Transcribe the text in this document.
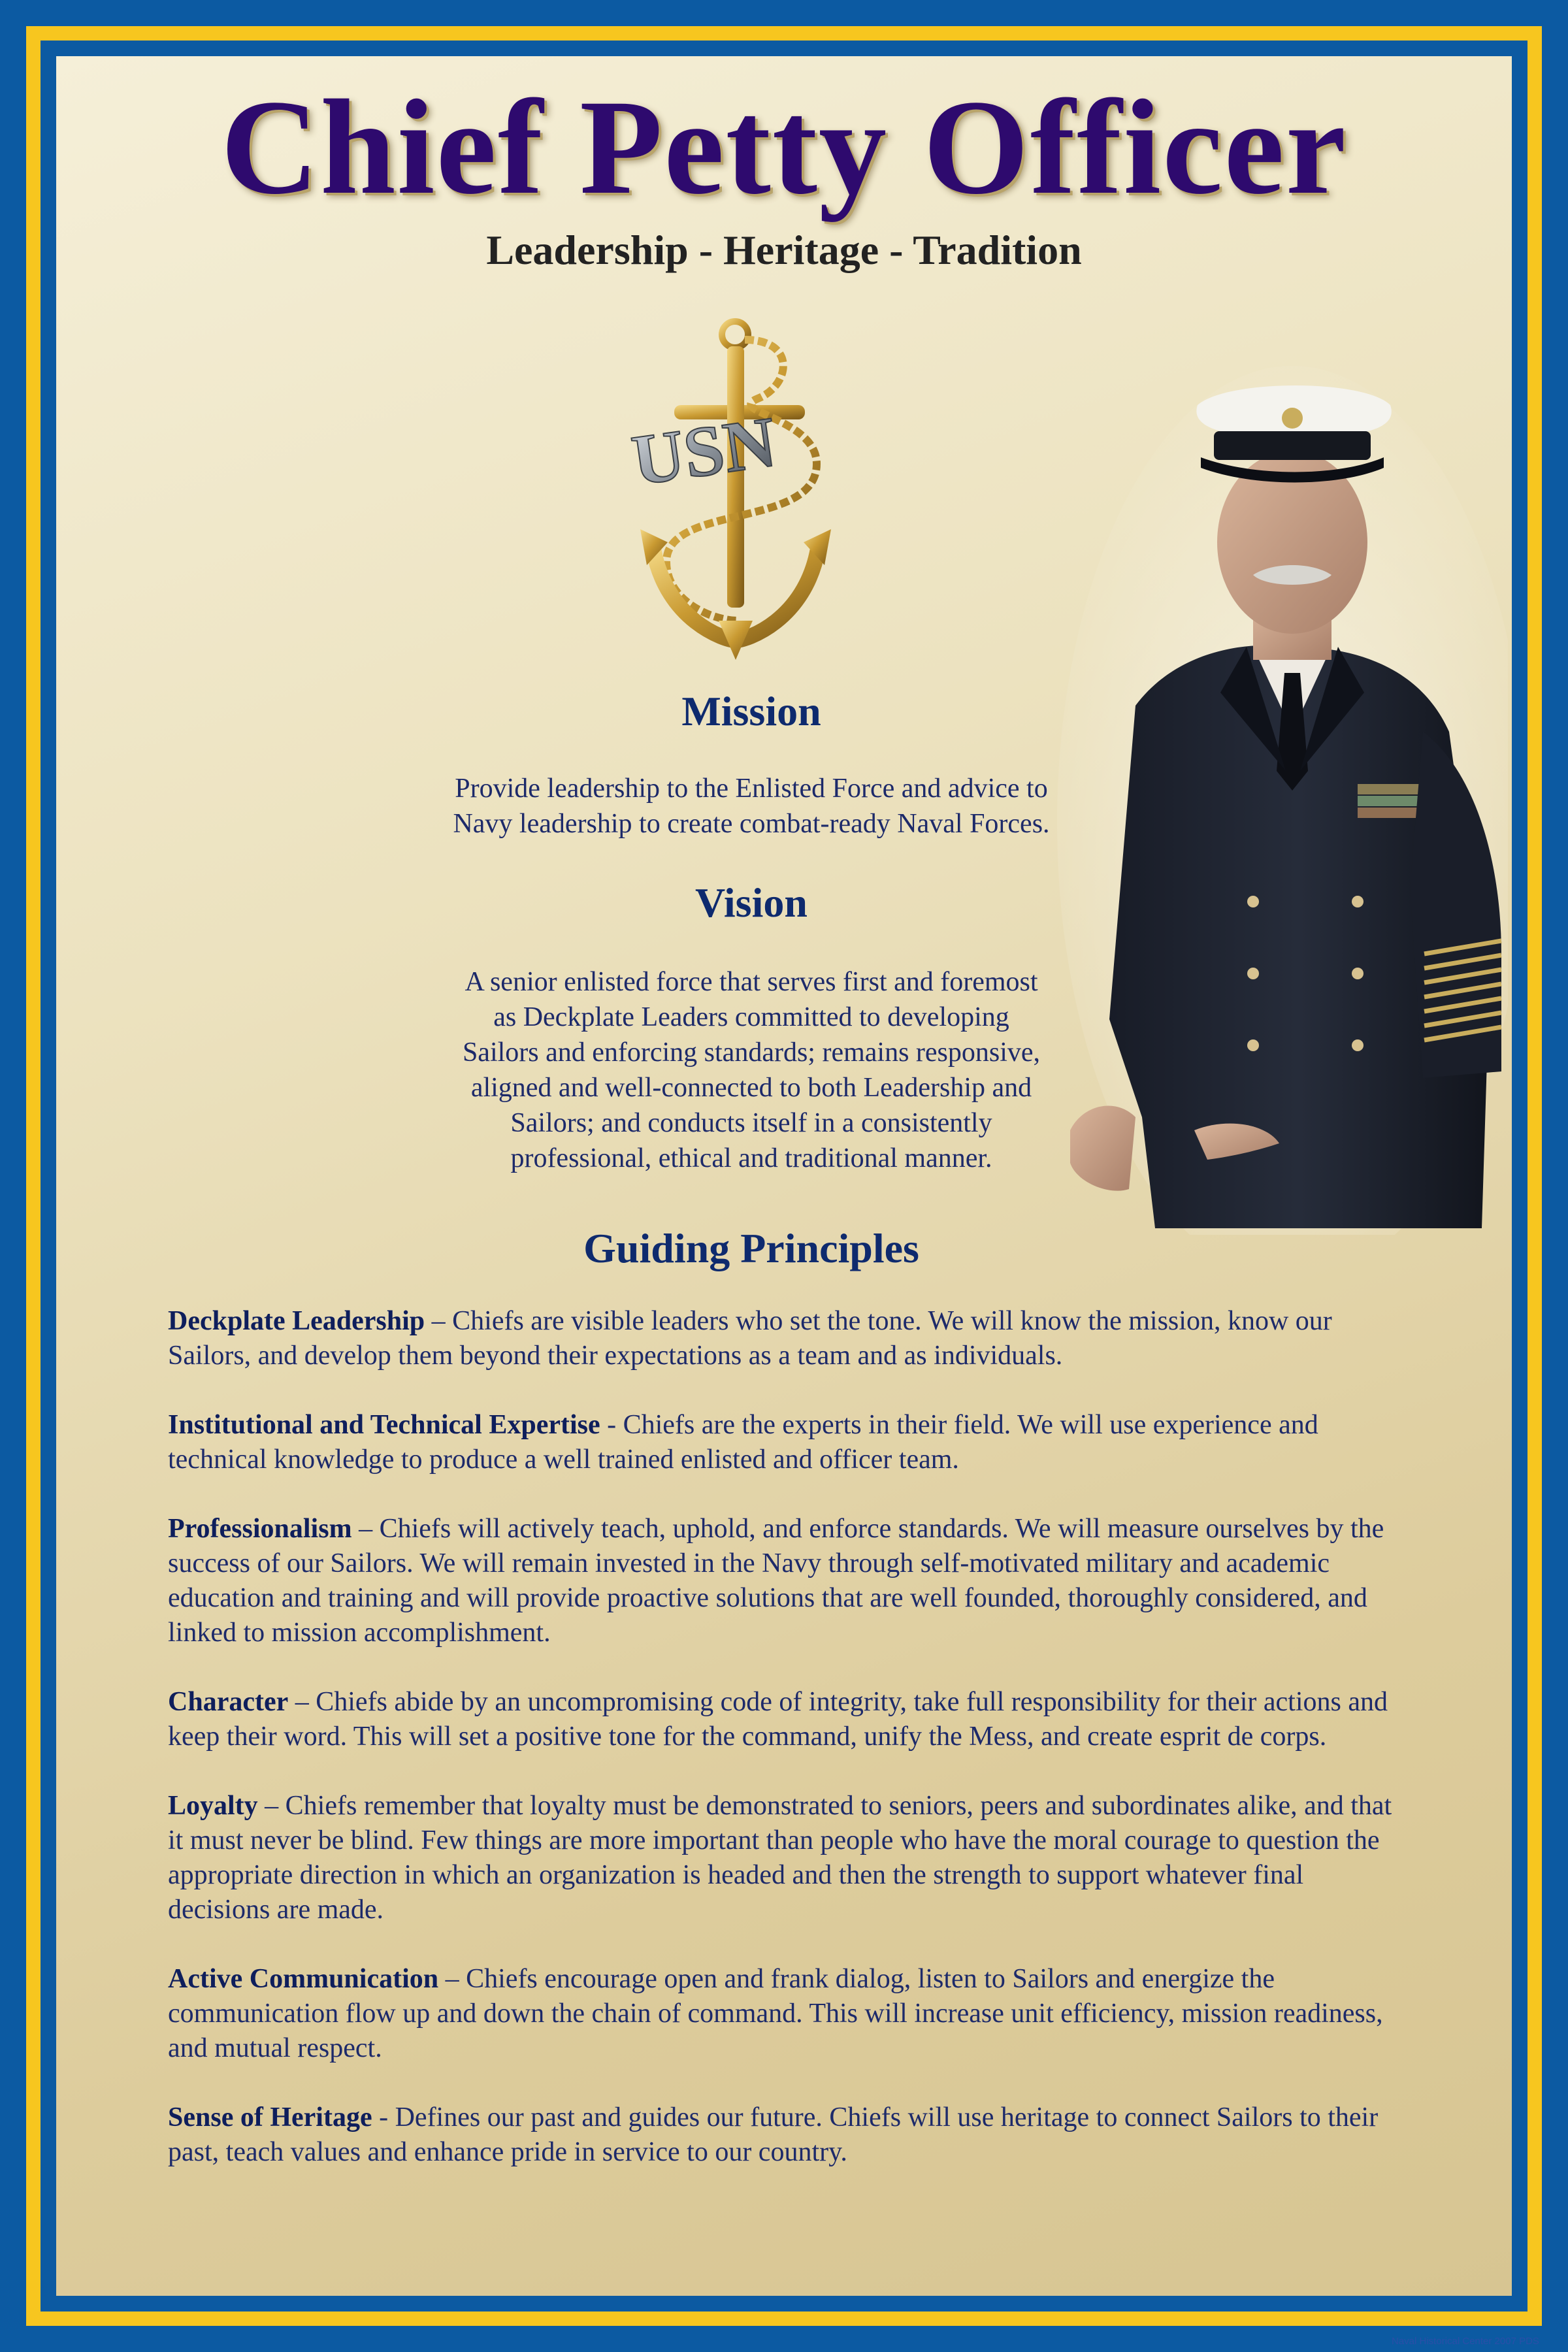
Chief Petty Officer
Leadership - Heritage - Tradition
USN
Mission
Provide leadership to the Enlisted Force and advice to
Navy leadership to create combat-ready Naval Forces.
Vision
A senior enlisted force that serves first and foremost
as Deckplate Leaders committed to developing
Sailors and enforcing standards; remains responsive,
aligned and well-connected to both Leadership and
Sailors; and conducts itself in a consistently
professional, ethical and traditional manner.
Guiding Principles

Deckplate Leadership – Chiefs are visible leaders who set the tone. We will know the mission, know our Sailors, and develop them beyond their expectations as a team and as individuals.

Institutional and Technical Expertise - Chiefs are the experts in their field. We will use experience and technical knowledge to produce a well trained enlisted and officer team.

Professionalism – Chiefs will actively teach, uphold, and enforce standards. We will measure ourselves by the success of our Sailors. We will remain invested in the Navy through self-motivated military and academic education and training and will provide proactive solutions that are well founded, thoroughly considered, and linked to mission accomplishment.

Character – Chiefs abide by an uncompromising code of integrity, take full responsibility for their actions and keep their word. This will set a positive tone for the command, unify the Mess, and create esprit de corps.

Loyalty – Chiefs remember that loyalty must be demonstrated to seniors, peers and subordinates alike, and that it must never be blind. Few things are more important than people who have the moral courage to question the appropriate direction in which an organization is headed and then the strength to support whatever final decisions are made.

Active Communication – Chiefs encourage open and frank dialog, listen to Sailors and energize the communication flow up and down the chain of command. This will increase unit efficiency, mission readiness, and mutual respect.

Sense of Heritage - Defines our past and guides our future. Chiefs will use heritage to connect Sailors to their past, teach values and enhance pride in service to our country.

Naval Historical Center 2007 PDS
